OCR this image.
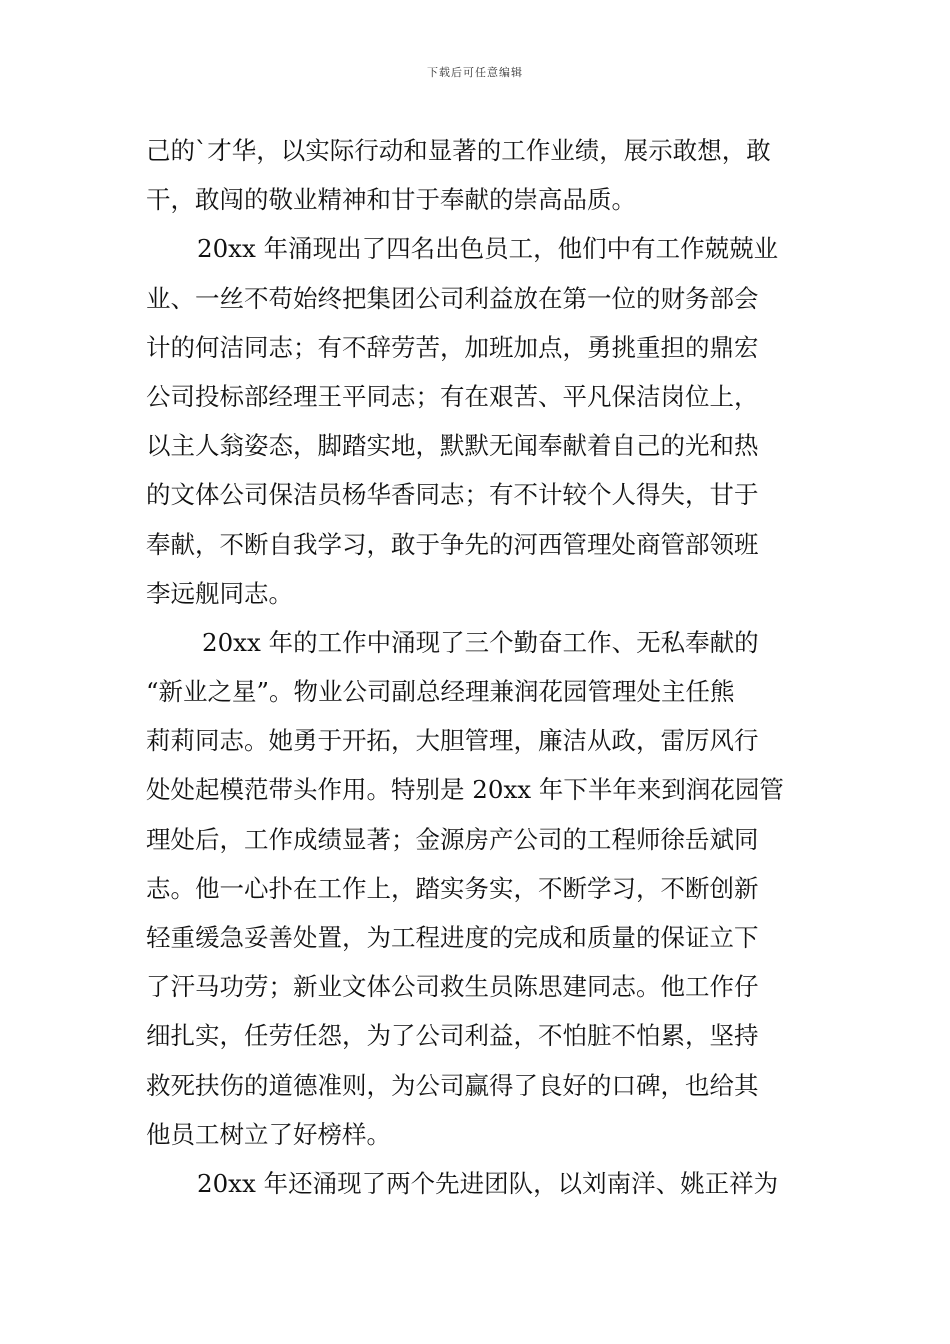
下载后可任意编辑
己的`才华，以实际行动和显著的工作业绩，展示敢想，敢
干，敢闯的敬业精神和甘于奉献的崇高品质。
20xx 年涌现出了四名出色员工，他们中有工作兢兢业
业、一丝不苟始终把集团公司利益放在第一位的财务部会
计的何洁同志；有不辞劳苦，加班加点，勇挑重担的鼎宏
公司投标部经理王平同志；有在艰苦、平凡保洁岗位上，
以主人翁姿态，脚踏实地，默默无闻奉献着自己的光和热
的文体公司保洁员杨华香同志；有不计较个人得失，甘于
奉献，不断自我学习，敢于争先的河西管理处商管部领班
李远舰同志。
20xx 年的工作中涌现了三个勤奋工作、无私奉献的
“新业之星”。物业公司副总经理兼润花园管理处主任熊
莉莉同志。她勇于开拓，大胆管理，廉洁从政，雷厉风行
处处起模范带头作用。特别是 20xx 年下半年来到润花园管
理处后，工作成绩显著；金源房产公司的工程师徐岳斌同
志。他一心扑在工作上，踏实务实，不断学习，不断创新
轻重缓急妥善处置，为工程进度的完成和质量的保证立下
了汗马功劳；新业文体公司救生员陈思建同志。他工作仔
细扎实，任劳任怨，为了公司利益，不怕脏不怕累，坚持
救死扶伤的道德准则，为公司赢得了良好的口碑，也给其
他员工树立了好榜样。
20xx 年还涌现了两个先进团队，以刘南洋、姚正祥为
